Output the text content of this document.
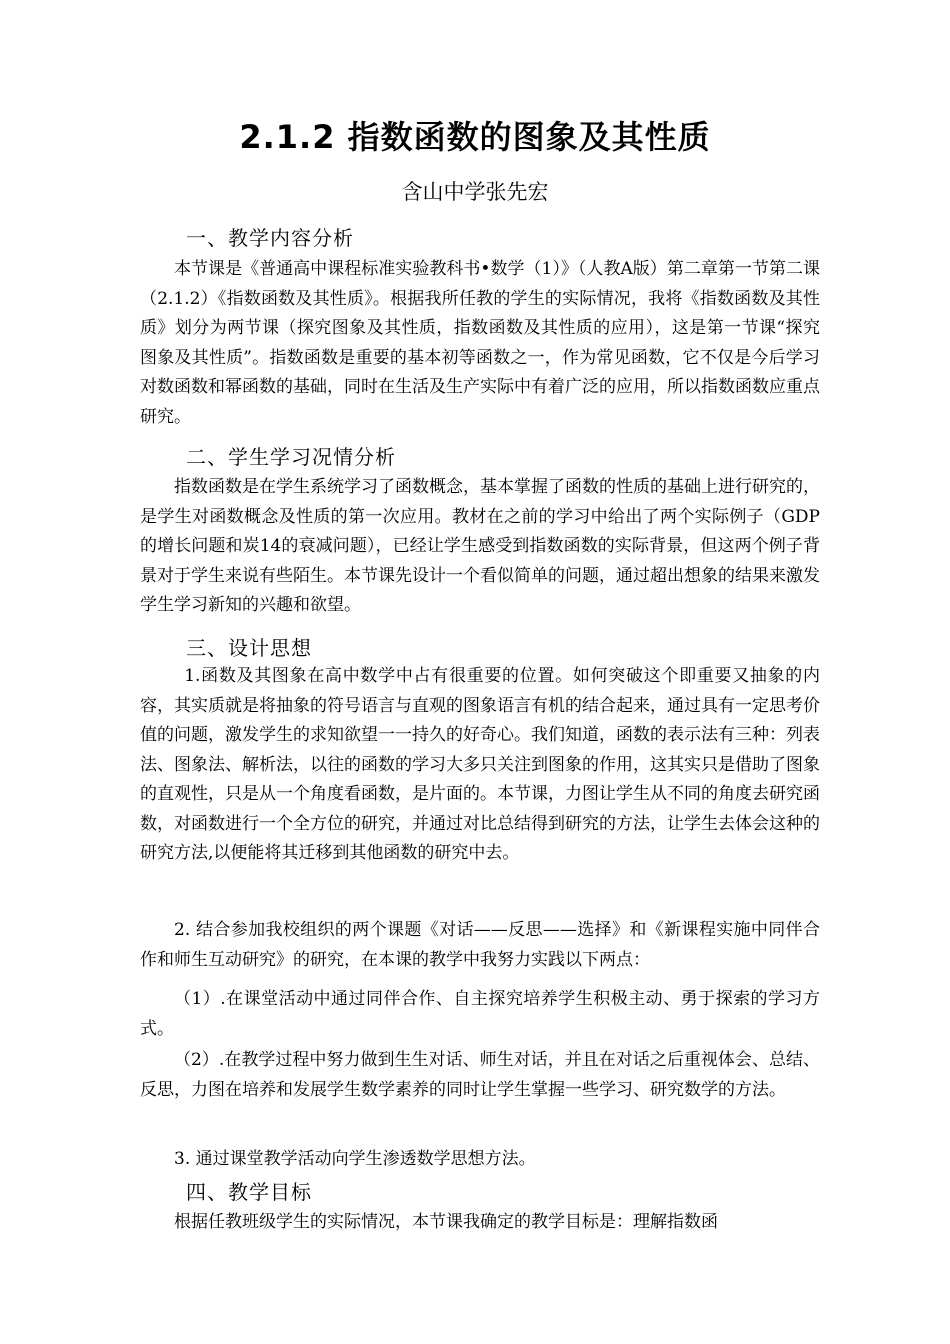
2.1.2 指数函数的图象及其性质
含山中学张先宏
一、教学内容分析
本节课是《普通高中课程标准实验教科书•数学（1）》（人教A版）第二章第一节第二课（2.1.2）《指数函数及其性质》。根据我所任教的学生的实际情况，我将《指数函数及其性质》划分为两节课（探究图象及其性质，指数函数及其性质的应用），这是第一节课“探究图象及其性质”。指数函数是重要的基本初等函数之一，作为常见函数，它不仅是今后学习对数函数和幂函数的基础，同时在生活及生产实际中有着广泛的应用，所以指数函数应重点研究。
二、学生学习况情分析
指数函数是在学生系统学习了函数概念，基本掌握了函数的性质的基础上进行研究的，是学生对函数概念及性质的第一次应用。教材在之前的学习中给出了两个实际例子（GDP的增长问题和炭14的衰减问题），已经让学生感受到指数函数的实际背景，但这两个例子背景对于学生来说有些陌生。本节课先设计一个看似简单的问题，通过超出想象的结果来激发学生学习新知的兴趣和欲望。
三、设计思想
1.函数及其图象在高中数学中占有很重要的位置。如何突破这个即重要又抽象的内容，其实质就是将抽象的符号语言与直观的图象语言有机的结合起来，通过具有一定思考价值的问题，激发学生的求知欲望一一持久的好奇心。我们知道，函数的表示法有三种：列表法、图象法、解析法，以往的函数的学习大多只关注到图象的作用，这其实只是借助了图象的直观性，只是从一个角度看函数，是片面的。本节课，力图让学生从不同的角度去研究函数，对函数进行一个全方位的研究，并通过对比总结得到研究的方法，让学生去体会这种的研究方法,以便能将其迁移到其他函数的研究中去。
2. 结合参加我校组织的两个课题《对话——反思——选择》和《新课程实施中同伴合作和师生互动研究》的研究，在本课的教学中我努力实践以下两点：
（1）.在课堂活动中通过同伴合作、自主探究培养学生积极主动、勇于探索的学习方式。
（2）.在教学过程中努力做到生生对话、师生对话，并且在对话之后重视体会、总结、反思，力图在培养和发展学生数学素养的同时让学生掌握一些学习、研究数学的方法。
3. 通过课堂教学活动向学生渗透数学思想方法。
四、教学目标
根据任教班级学生的实际情况，本节课我确定的教学目标是：理解指数函
